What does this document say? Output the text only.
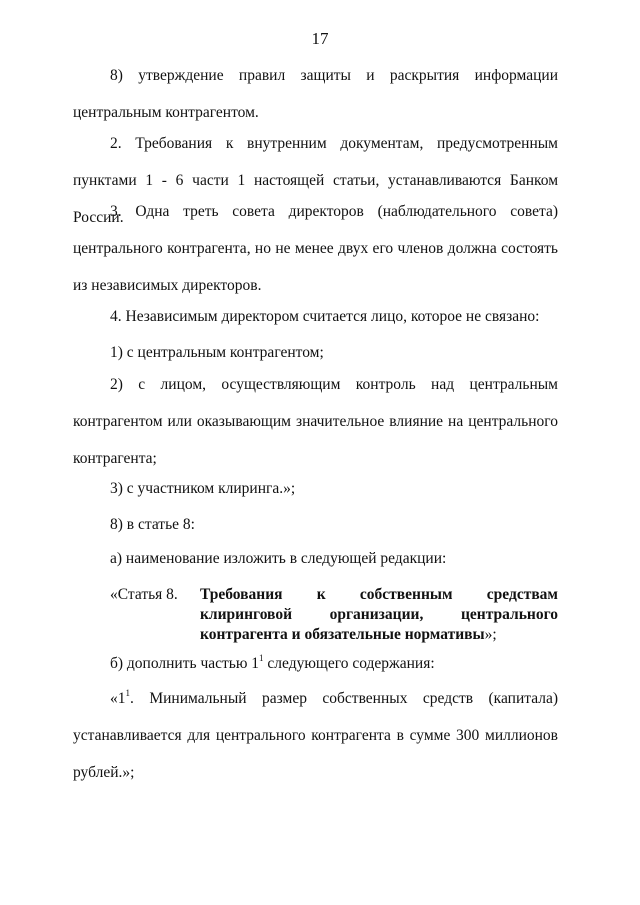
17

8) утверждение правил защиты и раскрытия информации центральным контрагентом.

2. Требования к внутренним документам, предусмотренным пунктами 1 - 6 части 1 настоящей статьи, устанавливаются Банком России.

3. Одна треть совета директоров (наблюдательного совета) центрального контрагента, но не менее двух его членов должна состоять из независимых директоров.

4. Независимым директором считается лицо, которое не связано:

1) с центральным контрагентом;

2) с лицом, осуществляющим контроль над центральным контрагентом или оказывающим значительное влияние на центрального контрагента;

3) с участником клиринга.»;

8) в статье 8:

а) наименование изложить в следующей редакции:

«Статья 8. Требования к собственным средствам клиринговой организации, центрального контрагента и обязательные нормативы»;

б) дополнить частью $1^1$ следующего содержания:

«$1^1$. Минимальный размер собственных средств (капитала) устанавливается для центрального контрагента в сумме 300 миллионов рублей.»;
